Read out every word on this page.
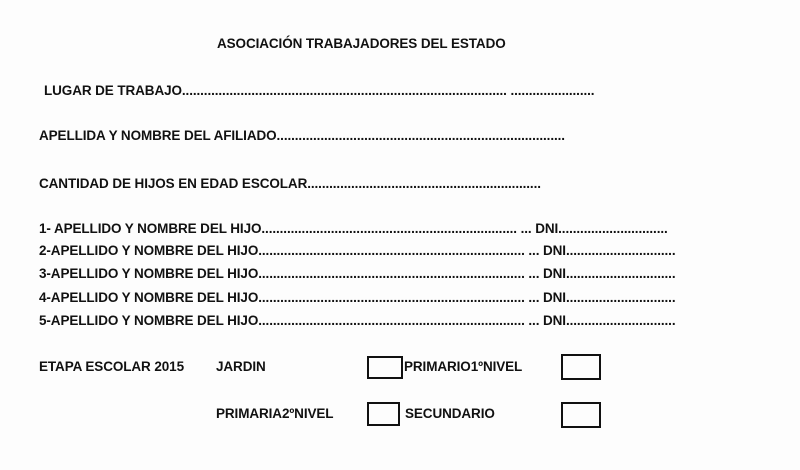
ASOCIACIÓN TRABAJADORES DEL ESTADO
LUGAR DE TRABAJO......................................................................................... .......................
APELLIDA Y NOMBRE DEL AFILIADO...............................................................................
CANTIDAD DE HIJOS EN EDAD ESCOLAR................................................................
1- APELLIDO Y NOMBRE DEL HIJO...................................................................... ... DNI..............................
2-APELLIDO Y NOMBRE DEL HIJO......................................................................... ... DNI..............................
3-APELLIDO Y NOMBRE DEL HIJO......................................................................... ... DNI..............................
4-APELLIDO Y NOMBRE DEL HIJO......................................................................... ... DNI..............................
5-APELLIDO Y NOMBRE DEL HIJO......................................................................... ... DNI..............................
ETAPA ESCOLAR 2015 JARDIN	PRIMARIO1ºNIVEL
PRIMARIA2ºNIVEL	SECUNDARIO
